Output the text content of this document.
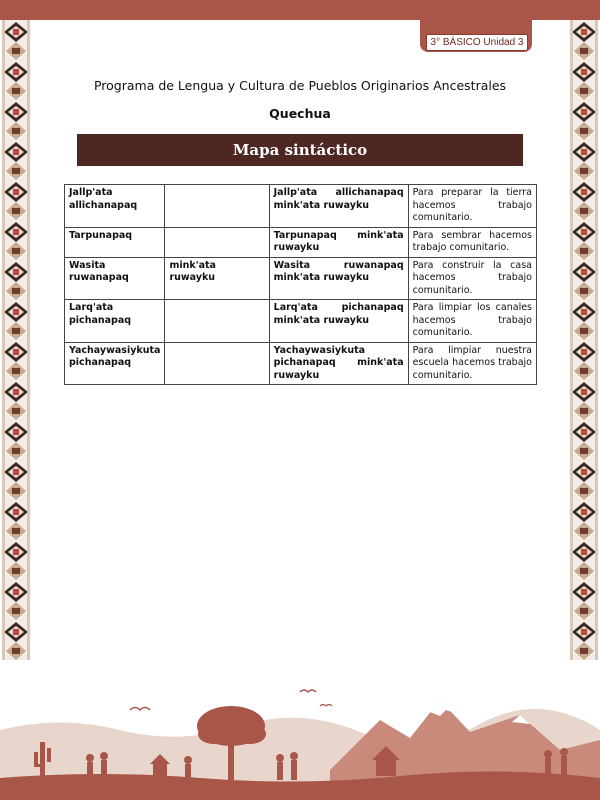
3° BÁSICO Unidad 3
Programa de Lengua y Cultura de Pueblos Originarios Ancestrales
Quechua
Mapa sintáctico
Jallp'ata allichanapaq		Jallp'ata allichanapaq mink'ata ruwayku	Para preparar la tierra hacemos trabajo comunitario.
Tarpunapaq		Tarpunapaq mink'ata ruwayku	Para sembrar hacemos trabajo comunitario.
Wasita ruwanapaq	mink'ata ruwayku	Wasita ruwanapaq mink'ata ruwayku	Para construir la casa hacemos trabajo comunitario.
Larq'ata pichanapaq		Larq'ata pichanapaq mink'ata ruwayku	Para limpiar los canales hacemos trabajo comunitario.
Yachaywasiykuta pichanapaq		Yachaywasiykuta pichanapaq mink'ata ruwayku	Para limpiar nuestra escuela hacemos trabajo comunitario.
